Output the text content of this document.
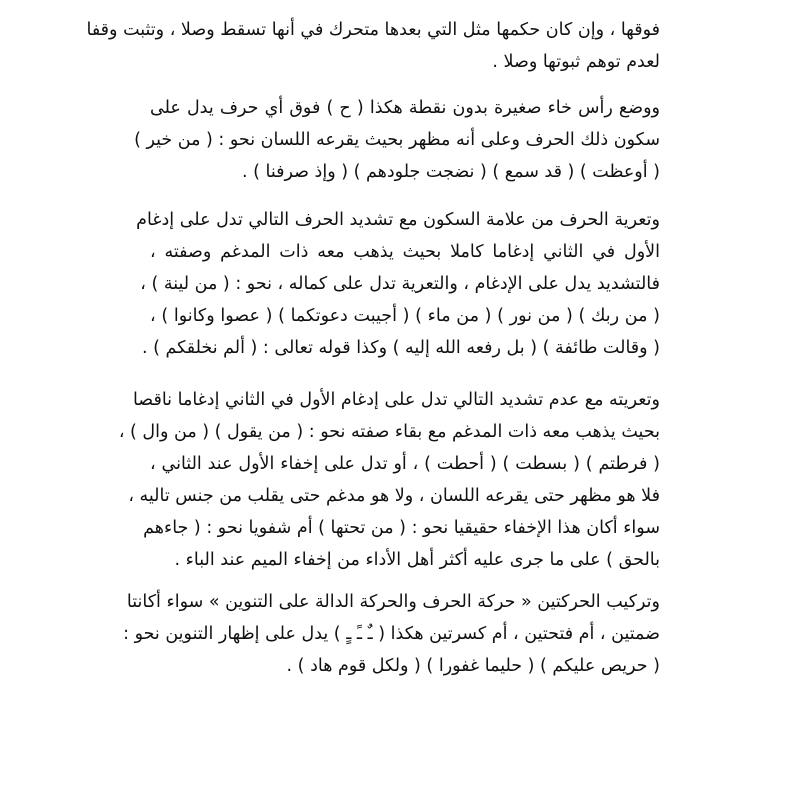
فوقها ، وإن كان حكمها مثل التي بعدها متحرك في أنها تسقط وصلا ، وتثبت وقفا
لعدم توهم ثبوتها وصلا .
ووضع رأس خاء صغيرة بدون نقطة هكذا ( ح ) فوق أي حرف يدل على
سكون ذلك الحرف وعلى أنه مظهر بحيث يقرعه اللسان نحو : ( من خير )
( أوعظت ) ( قد سمع ) ( نضجت جلودهم ) ( وإذ صرفنا ) .
وتعرية الحرف من علامة السكون مع تشديد الحرف التالي تدل على إدغام
الأول في الثاني إدغاما كاملا بحيث يذهب معه ذات المدغم وصفته ،
فالتشديد يدل على الإدغام ، والتعرية تدل على كماله ، نحو : ( من لينة ) ،
( من ربك ) ( من نور ) ( من ماء ) ( أجيبت دعوتكما ) ( عصوا وكانوا ) ،
( وقالت طائفة ) ( بل رفعه الله إليه ) وكذا قوله تعالى : ( ألم نخلقكم ) .
وتعريته مع عدم تشديد التالي تدل على إدغام الأول في الثاني إدغاما ناقصا
بحيث يذهب معه ذات المدغم مع بقاء صفته نحو : ( من يقول ) ( من وال ) ،
( فرطتم ) ( بسطت ) ( أحطت ) ، أو تدل على إخفاء الأول عند الثاني ،
فلا هو مظهر حتى يقرعه اللسان ، ولا هو مدغم حتى يقلب من جنس تاليه ،
سواء أكان هذا الإخفاء حقيقيا نحو : ( من تحتها ) أم شفويا نحو : ( جاءهم
بالحق ) على ما جرى عليه أكثر أهل الأداء من إخفاء الميم عند الباء .
وتركيب الحركتين « حركة الحرف والحركة الدالة على التنوين » سواء أكانتا
ضمتين ، أم فتحتين ، أم كسرتين هكذا ( ـٌ ـً ـٍ ) يدل على إظهار التنوين نحو :
( حريص عليكم ) ( حليما غفورا ) ( ولكل قوم هاد ) .
